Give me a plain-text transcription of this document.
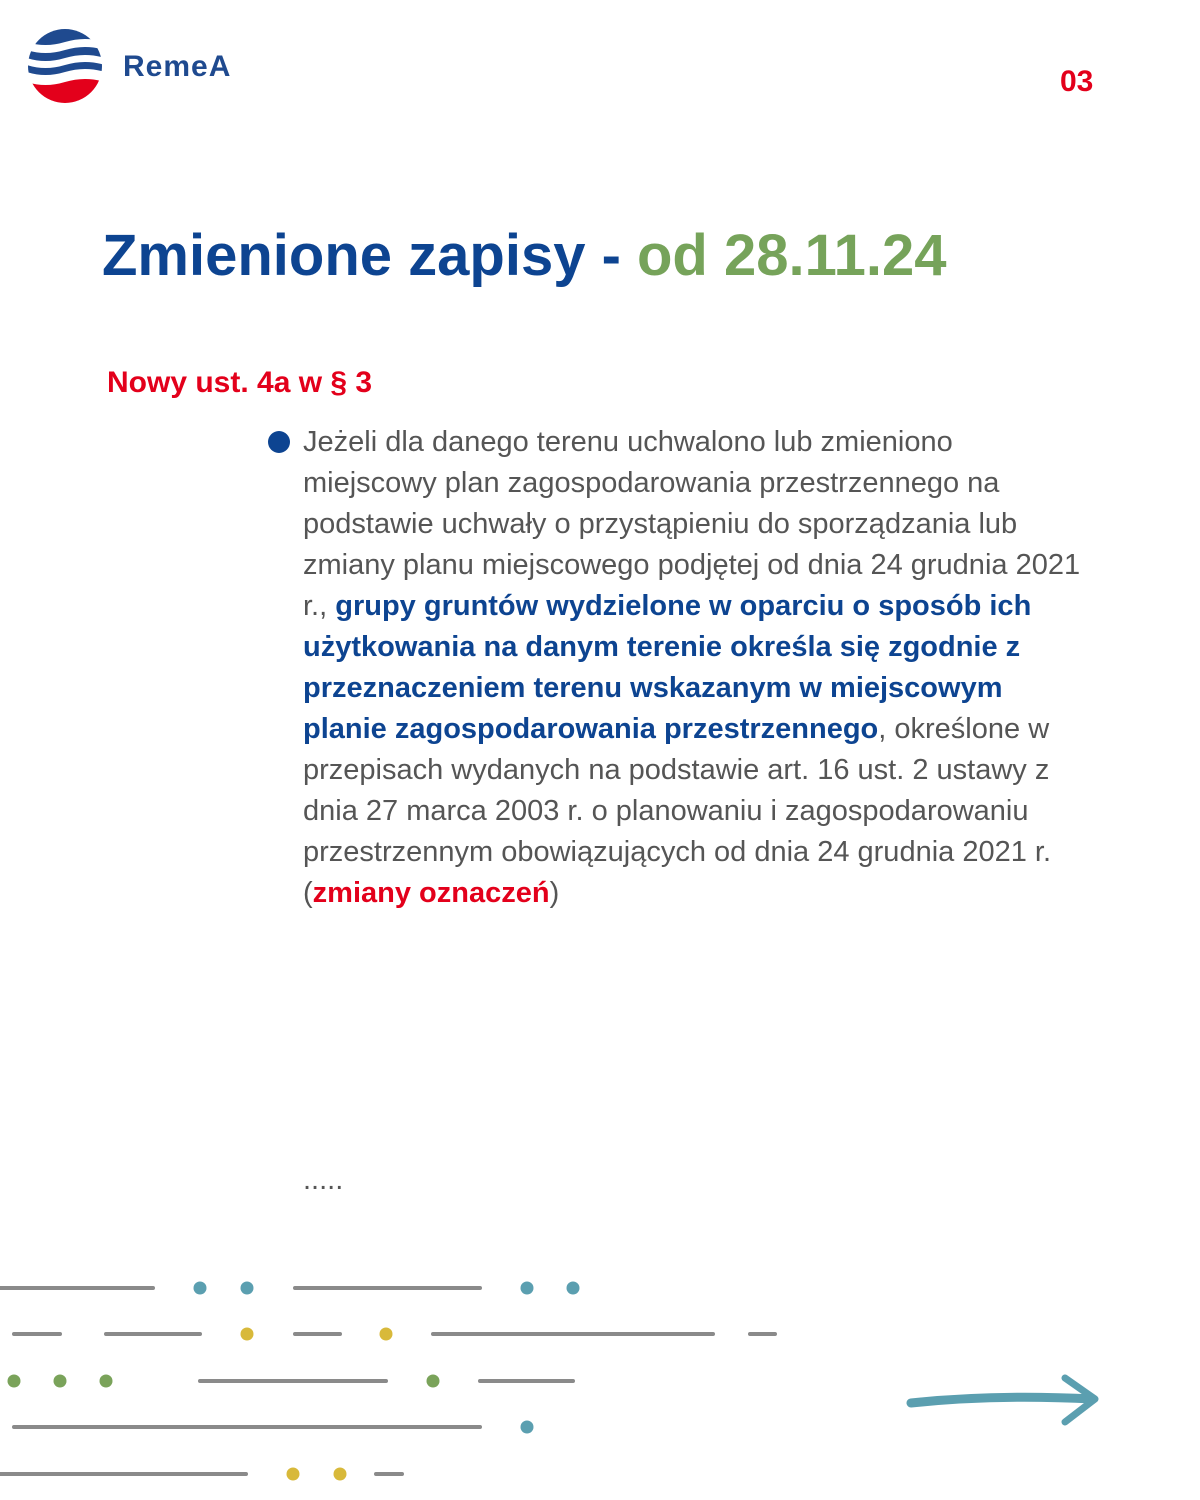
RemeA	03
Zmienione zapisy - od 28.11.24
Nowy ust. 4a w § 3
Jeżeli dla danego terenu uchwalono lub zmieniono miejscowy plan zagospodarowania przestrzennego na podstawie uchwały o przystąpieniu do sporządzania lub zmiany planu miejscowego podjętej od dnia 24 grudnia 2021 r., grupy gruntów wydzielone w oparciu o sposób ich użytkowania na danym terenie określa się zgodnie z przeznaczeniem terenu wskazanym w miejscowym planie zagospodarowania przestrzennego, określone w przepisach wydanych na podstawie art. 16 ust. 2 ustawy z dnia 27 marca 2003 r. o planowaniu i zagospodarowaniu przestrzennym obowiązujących od dnia 24 grudnia 2021 r. (zmiany oznaczeń)
.....
